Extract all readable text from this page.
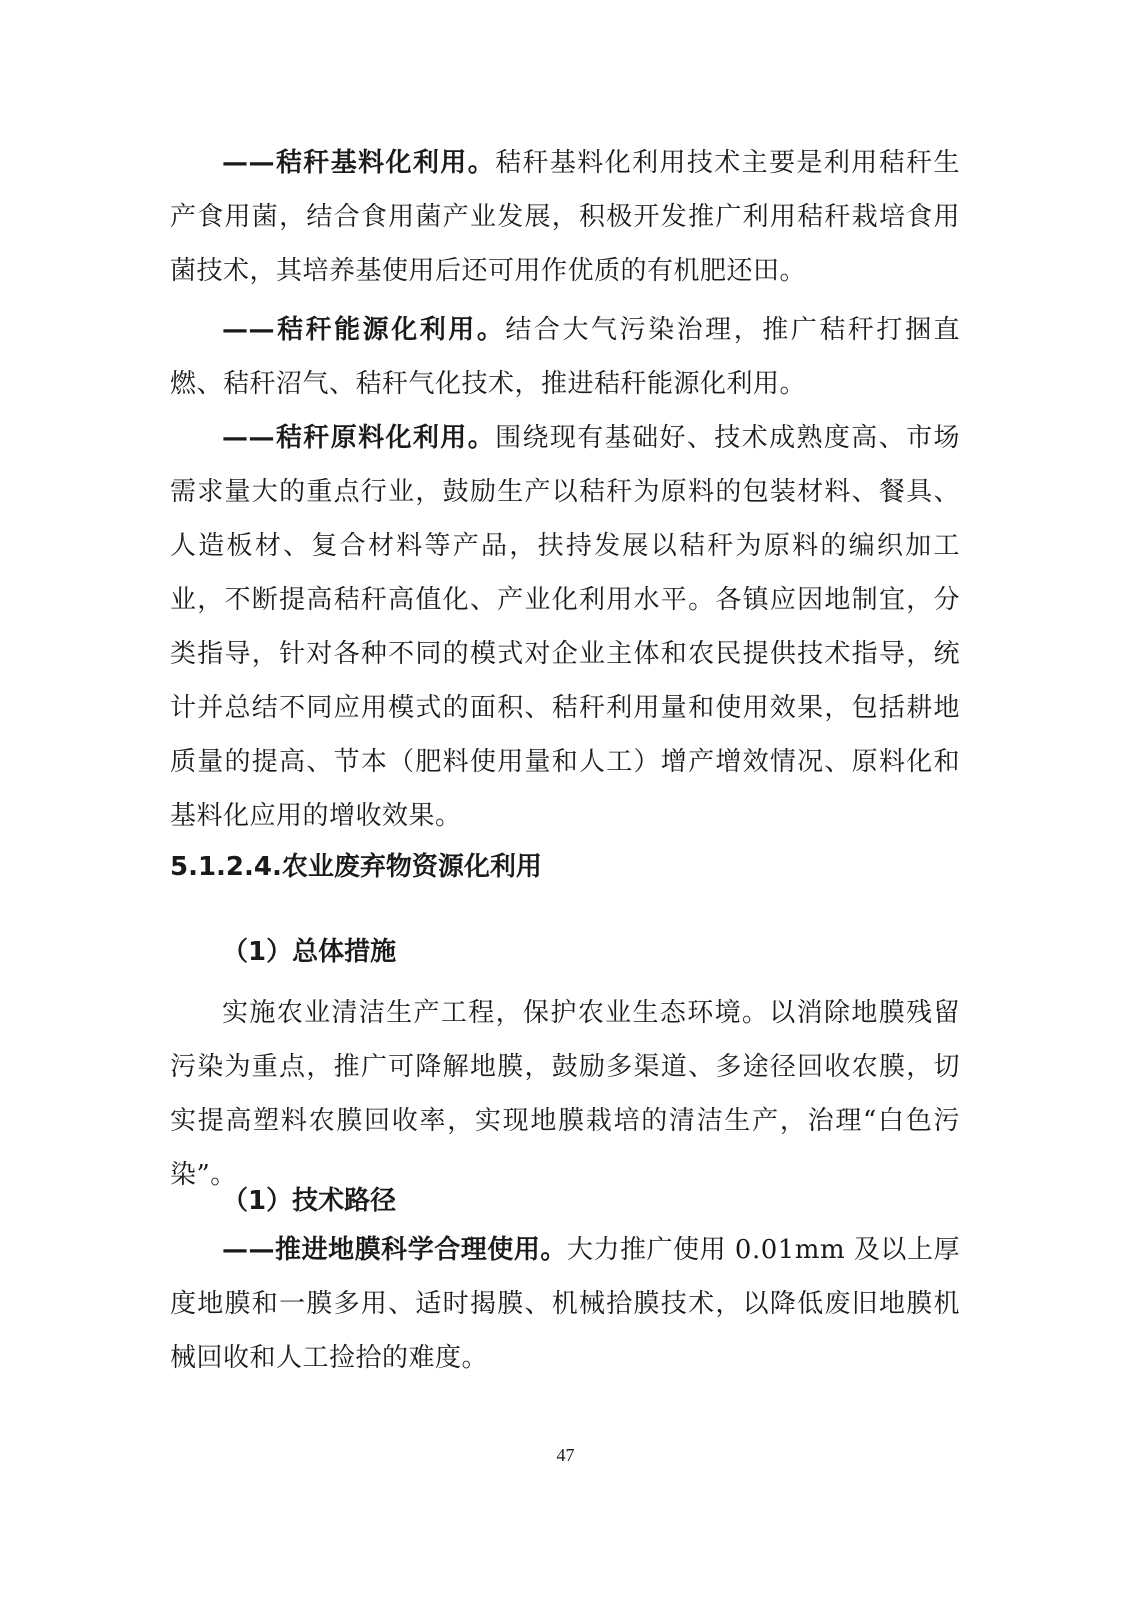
——秸秆基料化利用。秸秆基料化利用技术主要是利用秸秆生产食用菌，结合食用菌产业发展，积极开发推广利用秸秆栽培食用菌技术，其培养基使用后还可用作优质的有机肥还田。
——秸秆能源化利用。结合大气污染治理，推广秸秆打捆直燃、秸秆沼气、秸秆气化技术，推进秸秆能源化利用。
——秸秆原料化利用。围绕现有基础好、技术成熟度高、市场需求量大的重点行业，鼓励生产以秸秆为原料的包装材料、餐具、人造板材、复合材料等产品，扶持发展以秸秆为原料的编织加工业，不断提高秸秆高值化、产业化利用水平。各镇应因地制宜，分类指导，针对各种不同的模式对企业主体和农民提供技术指导，统计并总结不同应用模式的面积、秸秆利用量和使用效果，包括耕地质量的提高、节本（肥料使用量和人工）增产增效情况、原料化和基料化应用的增收效果。
5.1.2.4.农业废弃物资源化利用
（1）总体措施
实施农业清洁生产工程，保护农业生态环境。以消除地膜残留污染为重点，推广可降解地膜，鼓励多渠道、多途径回收农膜，切实提高塑料农膜回收率，实现地膜栽培的清洁生产，治理“白色污染”。
（1）技术路径
——推进地膜科学合理使用。大力推广使用 0.01mm 及以上厚度地膜和一膜多用、适时揭膜、机械拾膜技术，以降低废旧地膜机械回收和人工捡拾的难度。
47
